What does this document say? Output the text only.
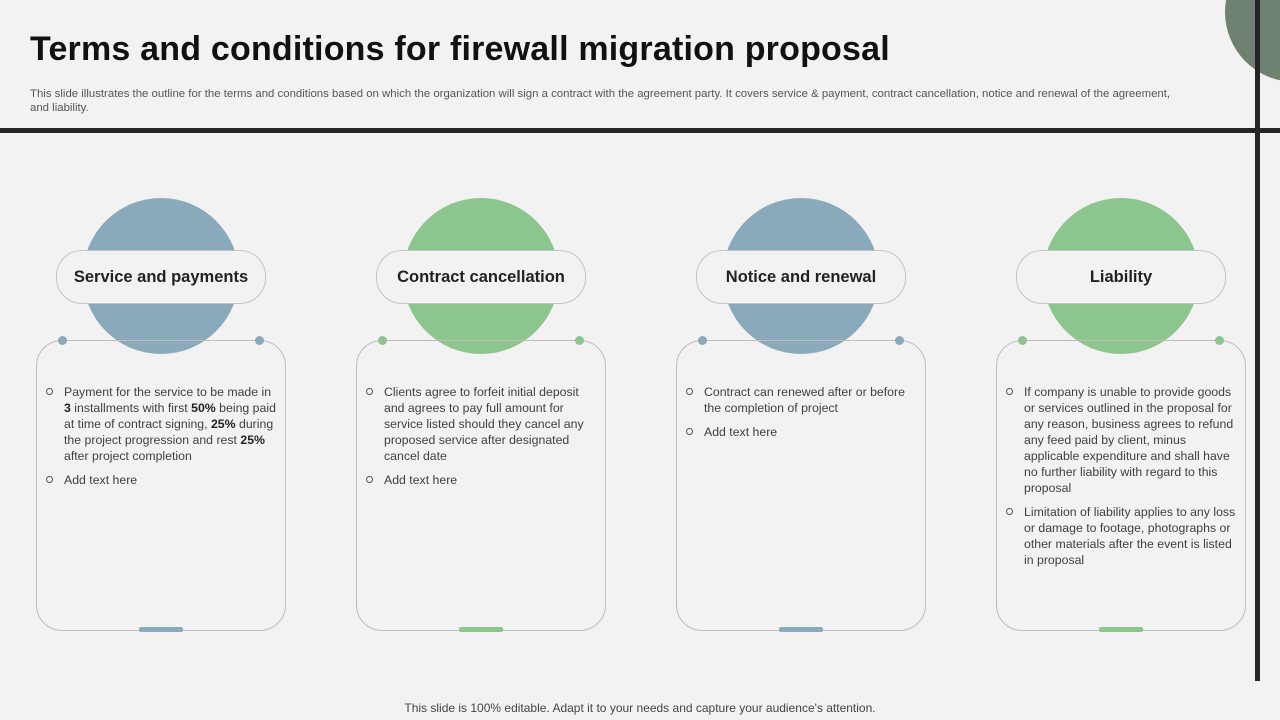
Terms and conditions for firewall migration proposal

This slide illustrates the outline for the terms and conditions based on which the organization will sign a contract with the agreement party. It covers service & payment, contract cancellation, notice and renewal of the agreement, and liability.

Service and payments
Payment for the service to be made in 3 installments with first 50% being paid at time of contract signing, 25% during the project progression and rest 25% after project completion
Add text here
Contract cancellation
Clients agree to forfeit initial deposit and agrees to pay full amount for service listed should they cancel any proposed service after designated cancel date
Add text here
Notice and renewal
Contract can renewed after or before the completion of project
Add text here
Liability
If company is unable to provide goods or services outlined in the proposal for any reason, business agrees to refund any feed paid by client, minus applicable expenditure and shall have no further liability with regard to this proposal
Limitation of liability applies to any loss or damage to footage, photographs or other materials after the event is listed in proposal

This slide is 100% editable. Adapt it to your needs and capture your audience's attention.
